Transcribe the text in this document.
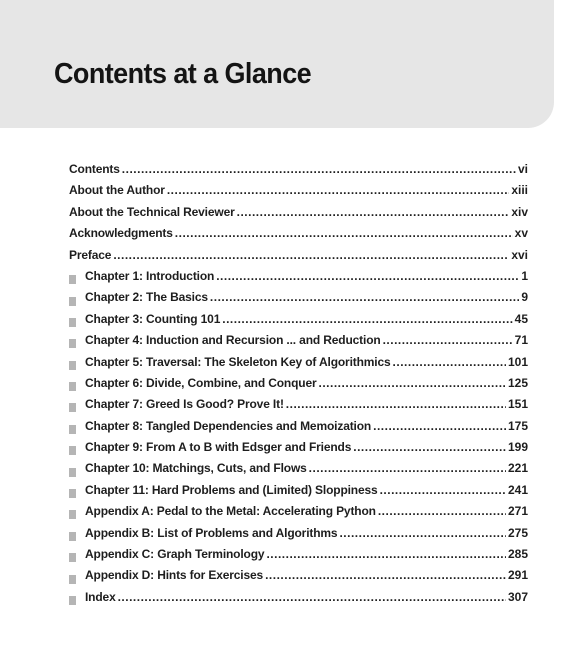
Contents at a Glance
Contents .....	vi
About the Author .....	xiii
About the Technical Reviewer .....	xiv
Acknowledgments .....	xv
Preface .....	xvi
Chapter 1: Introduction .....	1
Chapter 2: The Basics .....	9
Chapter 3: Counting 101 .....	45
Chapter 4: Induction and Recursion ... and Reduction .....	71
Chapter 5: Traversal: The Skeleton Key of Algorithmics .....	101
Chapter 6: Divide, Combine, and Conquer .....	125
Chapter 7: Greed Is Good? Prove It! .....	151
Chapter 8: Tangled Dependencies and Memoization .....	175
Chapter 9: From A to B with Edsger and Friends .....	199
Chapter 10: Matchings, Cuts, and Flows .....	221
Chapter 11: Hard Problems and (Limited) Sloppiness .....	241
Appendix A: Pedal to the Metal: Accelerating Python .....	271
Appendix B: List of Problems and Algorithms .....	275
Appendix C: Graph Terminology .....	285
Appendix D: Hints for Exercises .....	291
Index .....	307
